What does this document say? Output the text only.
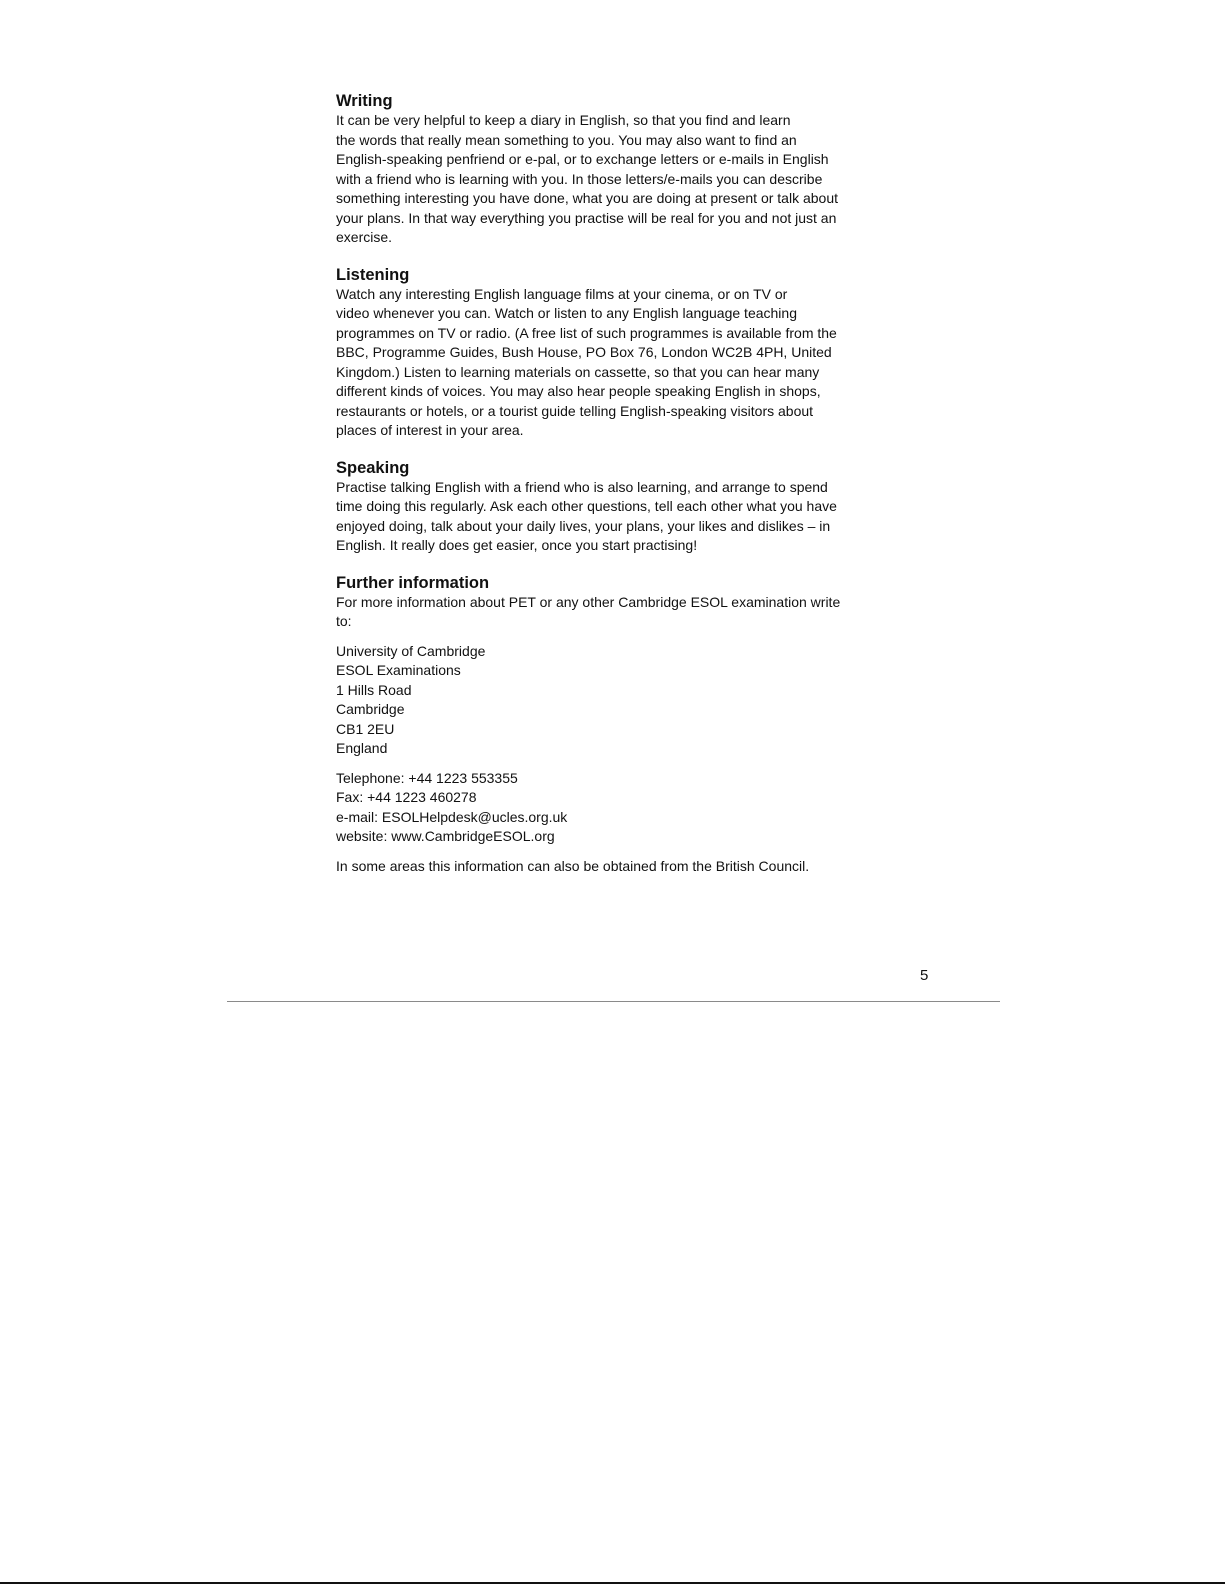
Writing

It can be very helpful to keep a diary in English, so that you find and learn

the words that really mean something to you. You may also want to find an

English-speaking penfriend or e-pal, or to exchange letters or e-mails in English

with a friend who is learning with you. In those letters/e-mails you can describe

something interesting you have done, what you are doing at present or talk about

your plans. In that way everything you practise will be real for you and not just an

exercise.

Listening

Watch any interesting English language films at your cinema, or on TV or

video whenever you can. Watch or listen to any English language teaching

programmes on TV or radio. (A free list of such programmes is available from the

BBC, Programme Guides, Bush House, PO Box 76, London WC2B 4PH, United

Kingdom.) Listen to learning materials on cassette, so that you can hear many

different kinds of voices. You may also hear people speaking English in shops,

restaurants or hotels, or a tourist guide telling English-speaking visitors about

places of interest in your area.

Speaking

Practise talking English with a friend who is also learning, and arrange to spend

time doing this regularly. Ask each other questions, tell each other what you have

enjoyed doing, talk about your daily lives, your plans, your likes and dislikes – in

English. It really does get easier, once you start practising!

Further information

For more information about PET or any other Cambridge ESOL examination write

to:

University of Cambridge

ESOL Examinations

1 Hills Road

Cambridge

CB1 2EU

England

Telephone: +44 1223 553355

Fax: +44 1223 460278

e-mail: ESOLHelpdesk@ucles.org.uk

website: www.CambridgeESOL.org

In some areas this information can also be obtained from the British Council.

5
